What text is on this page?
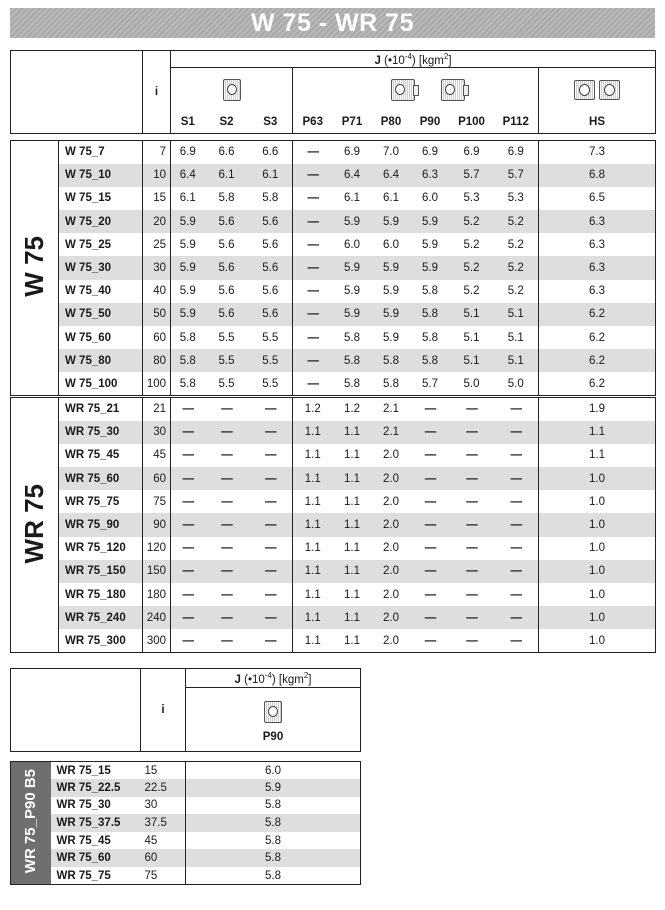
W 75 - WR 75
	i	J $(•10^{-4})$ [kgm$^2$]									

		S1	S2	S3	P63	P71	P80	P90	P100	P112	HS
W 75	W 75_7	7	6.9	6.6	6.6	—	6.9	7.0	6.9	6.9	6.9	7.3
	W 75_10	10	6.4	6.1	6.1	—	6.4	6.4	6.3	5.7	5.7	6.8
	W 75_15	15	6.1	5.8	5.8	—	6.1	6.1	6.0	5.3	5.3	6.5
	W 75_20	20	5.9	5.6	5.6	—	5.9	5.9	5.9	5.2	5.2	6.3
	W 75_25	25	5.9	5.6	5.6	—	6.0	6.0	5.9	5.2	5.2	6.3
	W 75_30	30	5.9	5.6	5.6	—	5.9	5.9	5.9	5.2	5.2	6.3
	W 75_40	40	5.9	5.6	5.6	—	5.9	5.9	5.8	5.2	5.2	6.3
	W 75_50	50	5.9	5.6	5.6	—	5.9	5.9	5.8	5.1	5.1	6.2
	W 75_60	60	5.8	5.5	5.5	—	5.8	5.9	5.8	5.1	5.1	6.2
	W 75_80	80	5.8	5.5	5.5	—	5.8	5.8	5.8	5.1	5.1	6.2
	W 75_100	100	5.8	5.5	5.5	—	5.8	5.8	5.7	5.0	5.0	6.2
WR 75	WR 75_21	21	—	—	—	1.2	1.2	2.1	—	—	—	1.9
	WR 75_30	30	—	—	—	1.1	1.1	2.1	—	—	—	1.1
	WR 75_45	45	—	—	—	1.1	1.1	2.0	—	—	—	1.1
	WR 75_60	60	—	—	—	1.1	1.1	2.0	—	—	—	1.0
	WR 75_75	75	—	—	—	1.1	1.1	2.0	—	—	—	1.0
	WR 75_90	90	—	—	—	1.1	1.1	2.0	—	—	—	1.0
	WR 75_120	120	—	—	—	1.1	1.1	2.0	—	—	—	1.0
	WR 75_150	150	—	—	—	1.1	1.1	2.0	—	—	—	1.0
	WR 75_180	180	—	—	—	1.1	1.1	2.0	—	—	—	1.0
	WR 75_240	240	—	—	—	1.1	1.1	2.0	—	—	—	1.0
	WR 75_300	300	—	—	—	1.1	1.1	2.0	—	—	—	1.0
	i	J $(•10^{-4})$ [kgm$^2$]

P90
WR 75_P90 B5	WR 75_15	15	6.0
	WR 75_22.5	22.5	5.9
	WR 75_30	30	5.8
	WR 75_37.5	37.5	5.8
	WR 75_45	45	5.8
	WR 75_60	60	5.8
	WR 75_75	75	5.8
